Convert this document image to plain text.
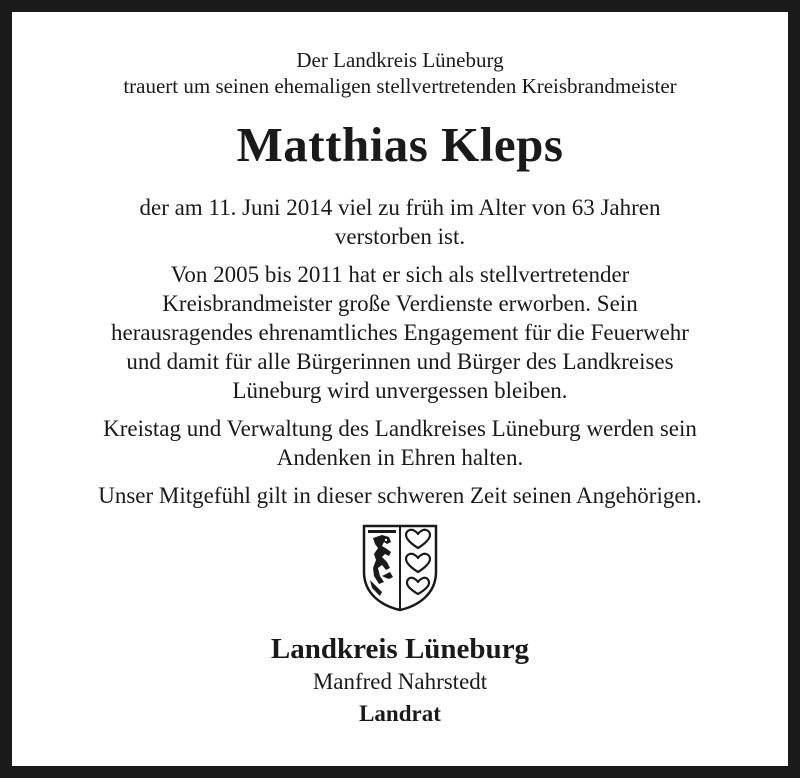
Der Landkreis Lüneburg
trauert um seinen ehemaligen stellvertretenden Kreisbrandmeister
Matthias Kleps
der am 11. Juni 2014 viel zu früh im Alter von 63 Jahren
verstorben ist.
Von 2005 bis 2011 hat er sich als stellvertretender
Kreisbrandmeister große Verdienste erworben. Sein
herausragendes ehrenamtliches Engagement für die Feuerwehr
und damit für alle Bürgerinnen und Bürger des Landkreises
Lüneburg wird unvergessen bleiben.
Kreistag und Verwaltung des Landkreises Lüneburg werden sein
Andenken in Ehren halten.
Unser Mitgefühl gilt in dieser schweren Zeit seinen Angehörigen.
Landkreis Lüneburg
Manfred Nahrstedt
Landrat
